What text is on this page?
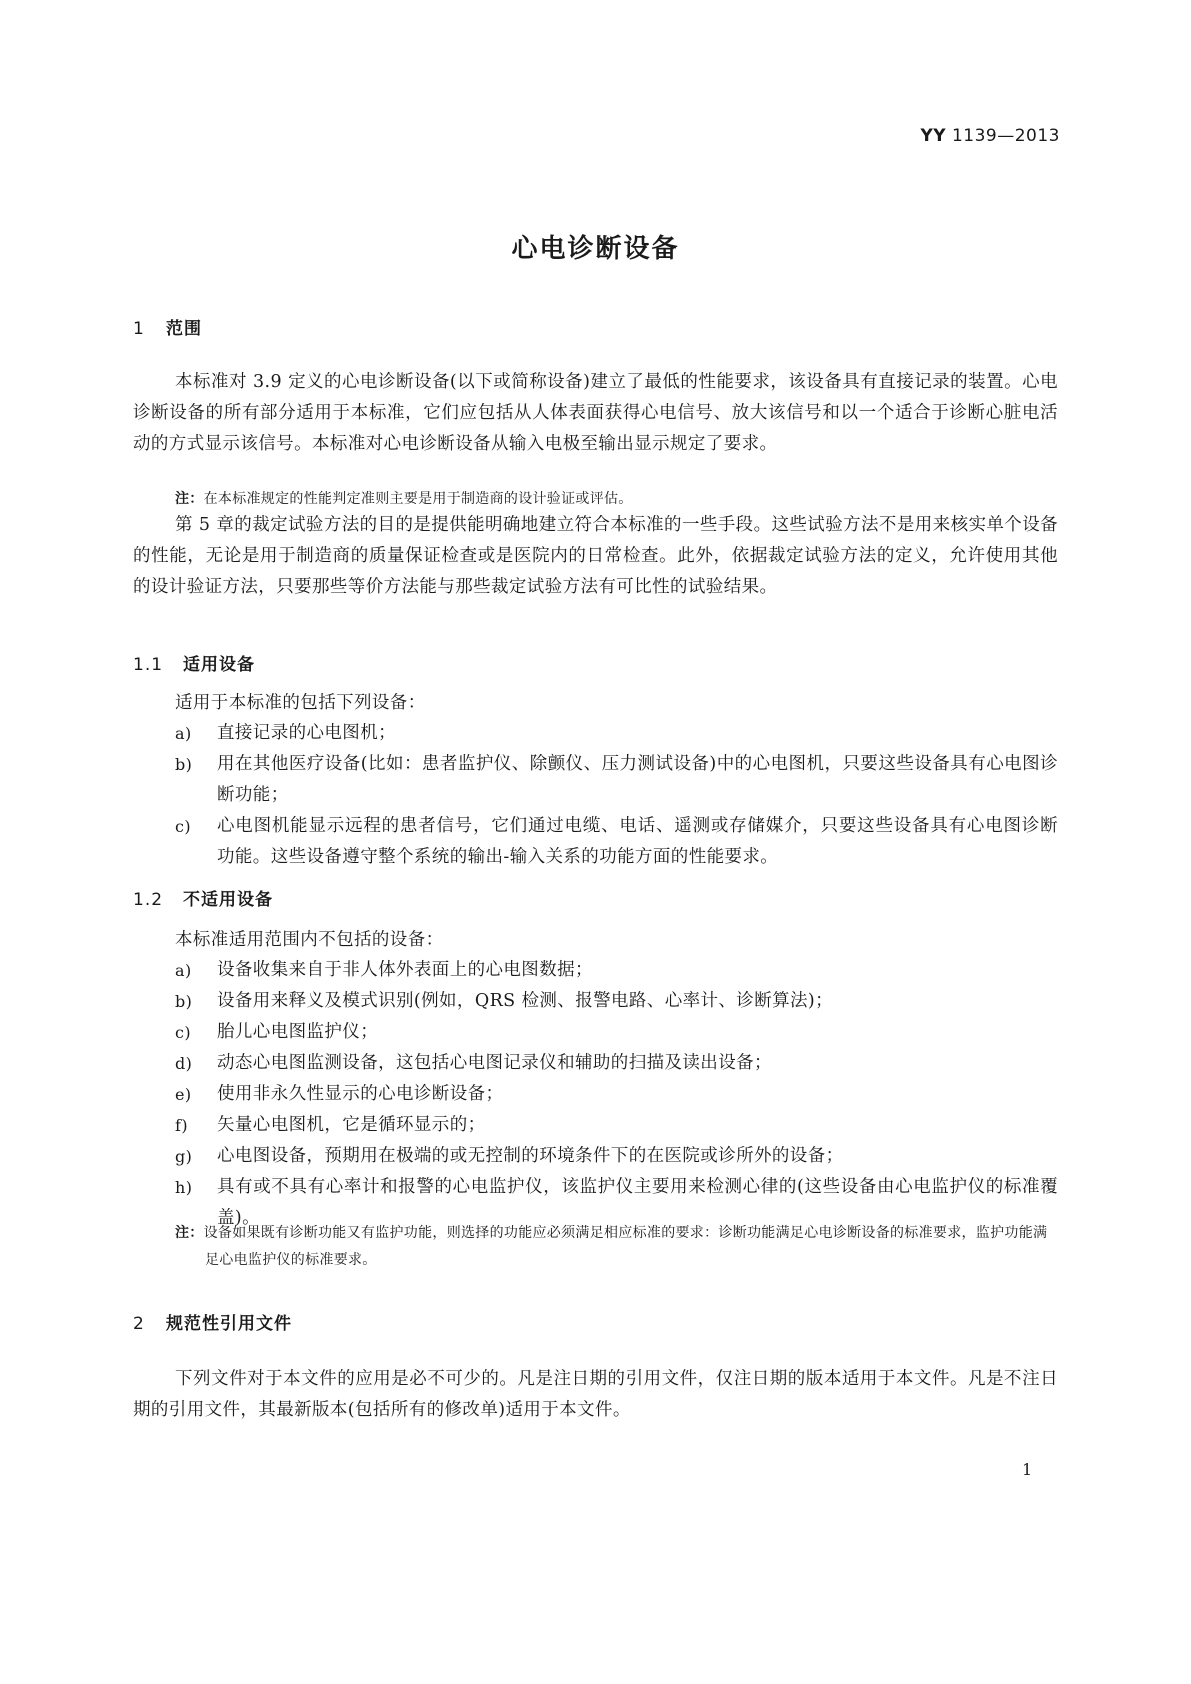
YY 1139—2013
心电诊断设备
1 范围
本标准对 3.9 定义的心电诊断设备(以下或简称设备)建立了最低的性能要求，该设备具有直接记录的装置。心电诊断设备的所有部分适用于本标准，它们应包括从人体表面获得心电信号、放大该信号和以一个适合于诊断心脏电活动的方式显示该信号。本标准对心电诊断设备从输入电极至输出显示规定了要求。
注：在本标准规定的性能判定准则主要是用于制造商的设计验证或评估。
第 5 章的裁定试验方法的目的是提供能明确地建立符合本标准的一些手段。这些试验方法不是用来核实单个设备的性能，无论是用于制造商的质量保证检查或是医院内的日常检查。此外，依据裁定试验方法的定义，允许使用其他的设计验证方法，只要那些等价方法能与那些裁定试验方法有可比性的试验结果。
1.1 适用设备
适用于本标准的包括下列设备：
a) 直接记录的心电图机；
b) 用在其他医疗设备(比如：患者监护仪、除颤仪、压力测试设备)中的心电图机，只要这些设备具有心电图诊断功能；
c) 心电图机能显示远程的患者信号，它们通过电缆、电话、遥测或存储媒介，只要这些设备具有心电图诊断功能。这些设备遵守整个系统的输出-输入关系的功能方面的性能要求。
1.2 不适用设备
本标准适用范围内不包括的设备：
a) 设备收集来自于非人体外表面上的心电图数据；
b) 设备用来释义及模式识别(例如，QRS 检测、报警电路、心率计、诊断算法)；
c) 胎儿心电图监护仪；
d) 动态心电图监测设备，这包括心电图记录仪和辅助的扫描及读出设备；
e) 使用非永久性显示的心电诊断设备；
f) 矢量心电图机，它是循环显示的；
g) 心电图设备，预期用在极端的或无控制的环境条件下的在医院或诊所外的设备；
h) 具有或不具有心率计和报警的心电监护仪，该监护仪主要用来检测心律的(这些设备由心电监护仪的标准覆盖)。
注：设备如果既有诊断功能又有监护功能，则选择的功能应必须满足相应标准的要求：诊断功能满足心电诊断设备的标准要求，监护功能满足心电监护仪的标准要求。
2 规范性引用文件
下列文件对于本文件的应用是必不可少的。凡是注日期的引用文件，仅注日期的版本适用于本文件。凡是不注日期的引用文件，其最新版本(包括所有的修改单)适用于本文件。
1
